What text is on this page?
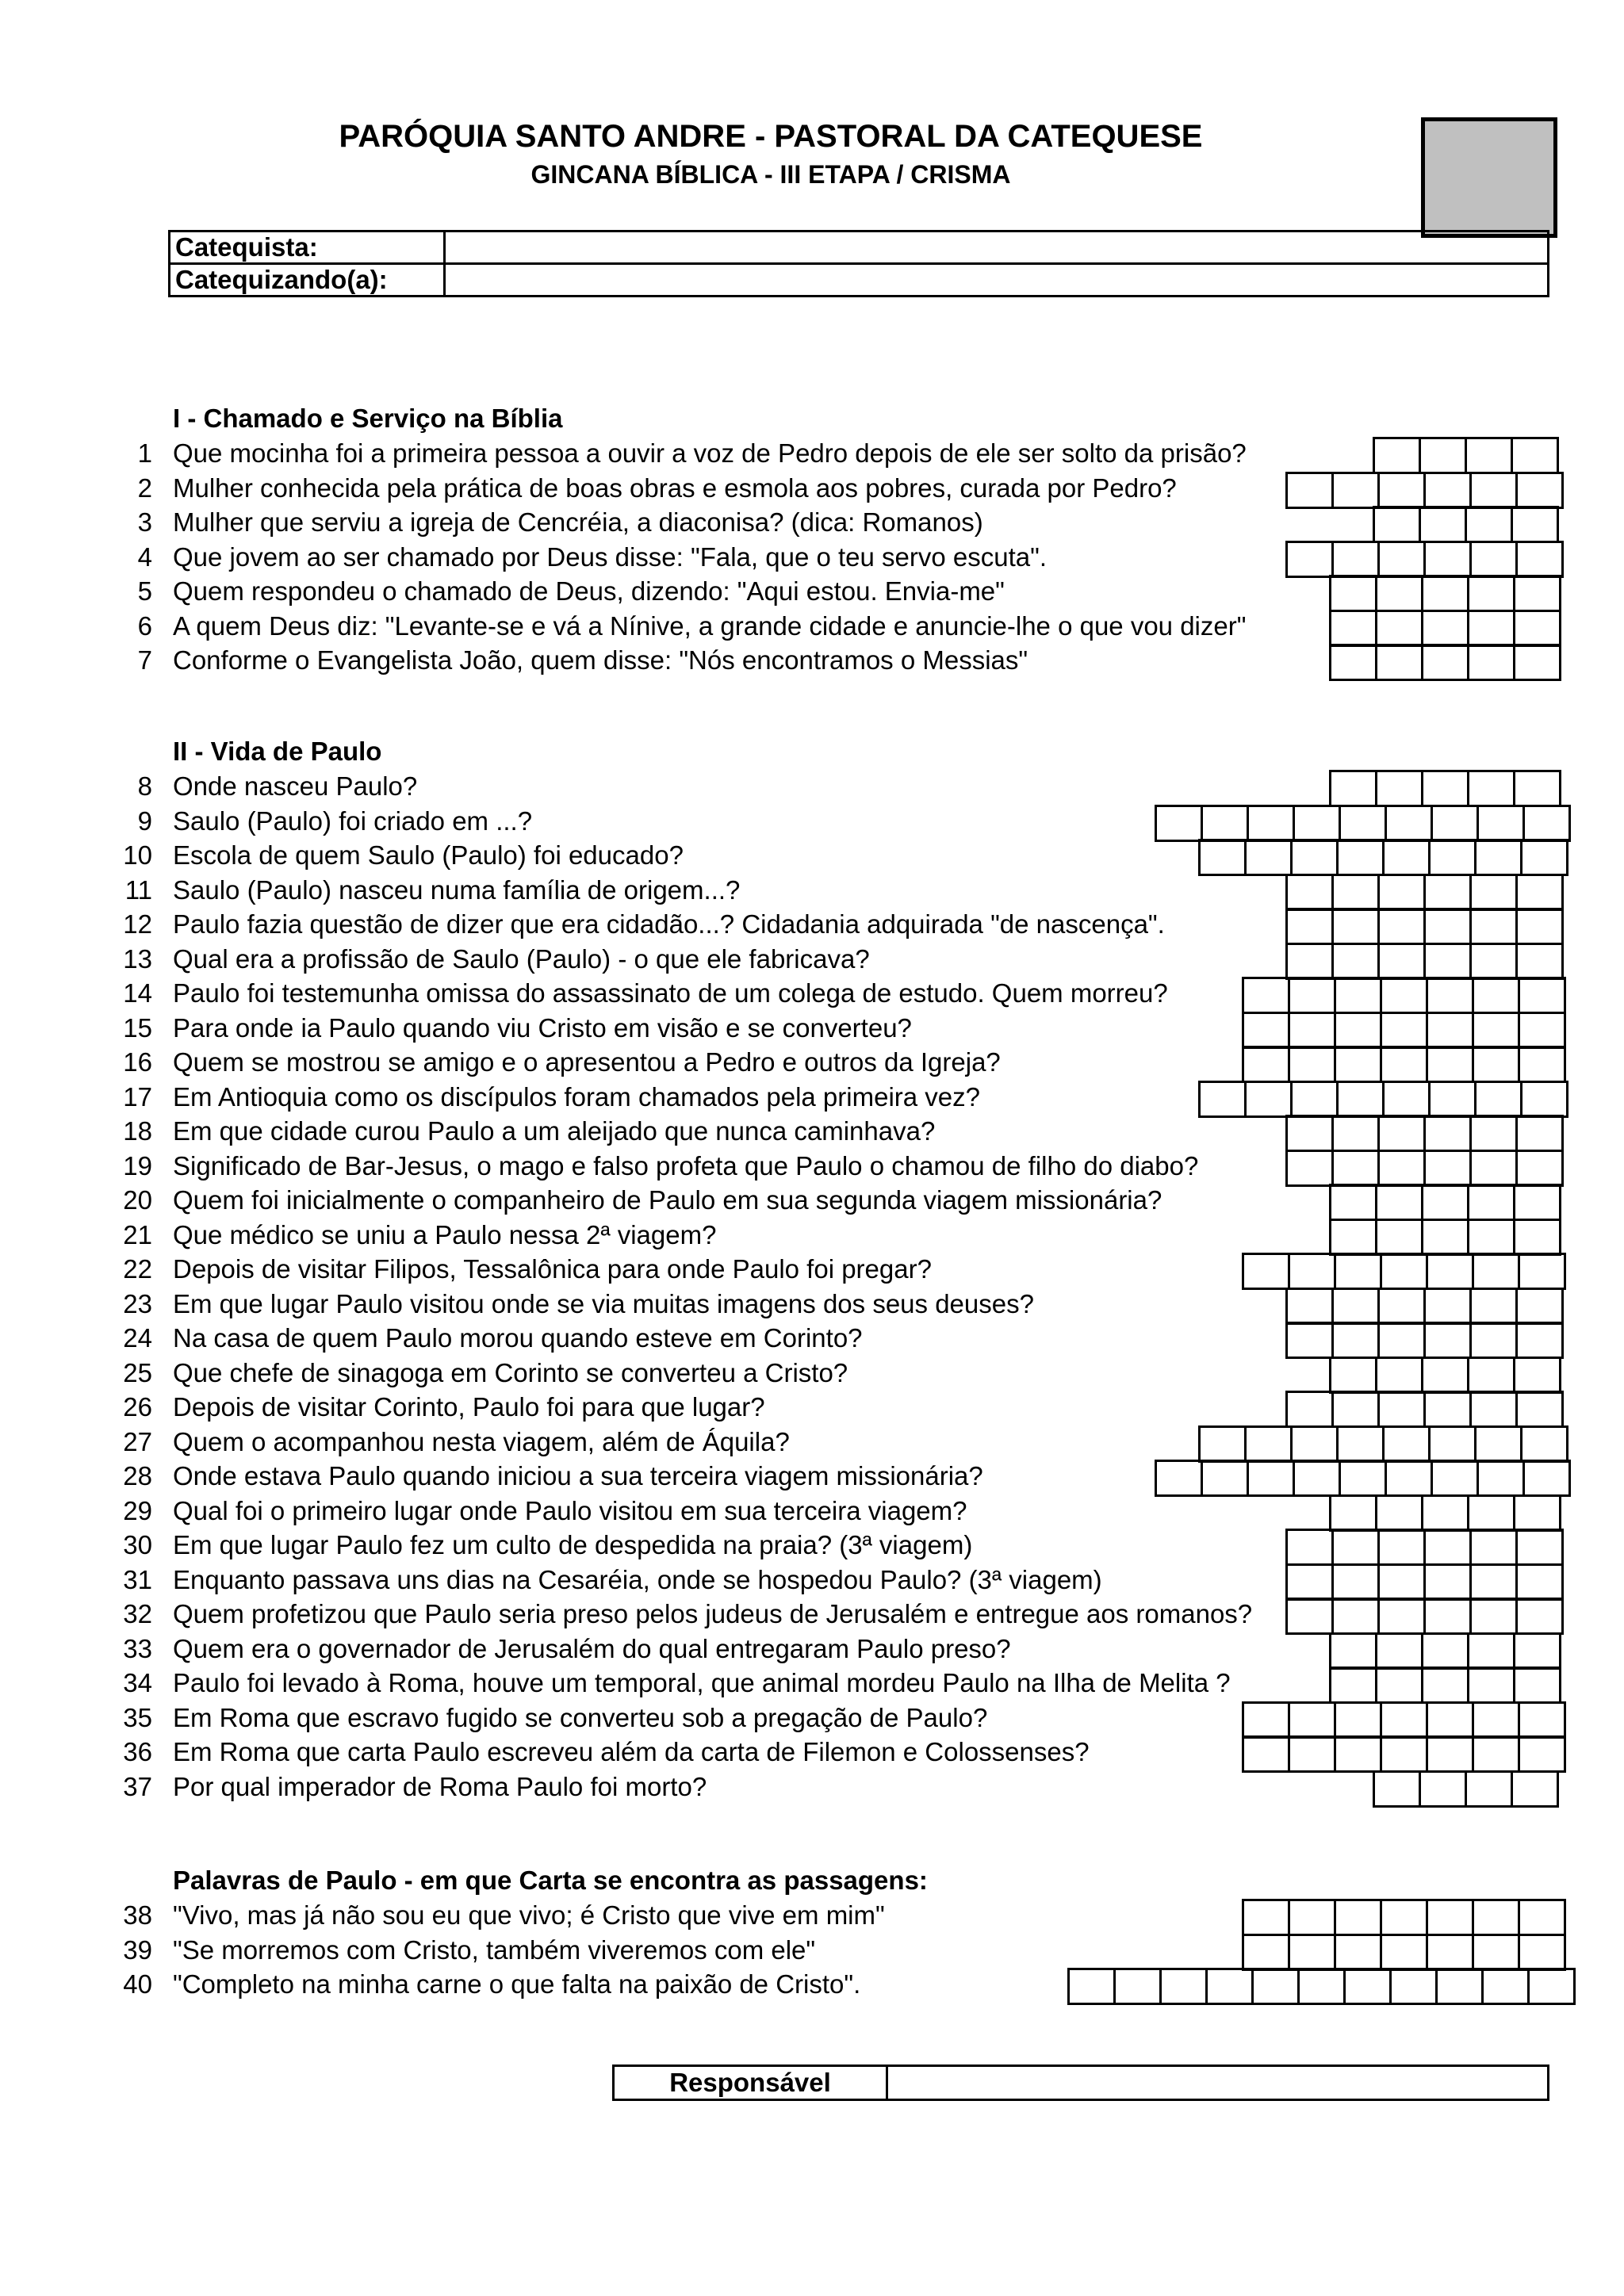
PARÓQUIA SANTO ANDRE - PASTORAL DA CATEQUESE
GINCANA BÍBLICA - III ETAPA / CRISMA
Catequista:	
Catequizando(a):	
I - Chamado e Serviço na Bíblia
II - Vida de Paulo
Palavras de Paulo - em que Carta se encontra as passagens:
1 Que mocinha foi a primeira pessoa a ouvir a voz de Pedro depois de ele ser solto da prisão?
2 Mulher conhecida pela prática de boas obras e esmola aos pobres, curada por Pedro?
3 Mulher que serviu a igreja de Cencréia, a diaconisa? (dica: Romanos)
4 Que jovem ao ser chamado por Deus disse: "Fala, que o teu servo escuta".
5 Quem respondeu o chamado de Deus, dizendo: "Aqui estou. Envia-me"
6 A quem Deus diz: "Levante-se e vá a Nínive, a grande cidade e anuncie-lhe o que vou dizer"
7 Conforme o Evangelista João, quem disse: "Nós encontramos o Messias"
8 Onde nasceu Paulo?
9 Saulo (Paulo) foi criado em ...?
10 Escola de quem Saulo (Paulo) foi educado?
11 Saulo (Paulo) nasceu numa família de origem...?
12 Paulo fazia questão de dizer que era cidadão...? Cidadania adquirada "de nascença".
13 Qual era a profissão de Saulo (Paulo) - o que ele fabricava?
14 Paulo foi testemunha omissa do assassinato de um colega de estudo. Quem morreu?
15 Para onde ia Paulo quando viu Cristo em visão e se converteu?
16 Quem se mostrou se amigo e o apresentou a Pedro e outros da Igreja?
17 Em Antioquia como os discípulos foram chamados pela primeira vez?
18 Em que cidade curou Paulo a um aleijado que nunca caminhava?
19 Significado de Bar-Jesus, o mago e falso profeta que Paulo o chamou de filho do diabo?
20 Quem foi inicialmente o companheiro de Paulo em sua segunda viagem missionária?
21 Que médico se uniu a Paulo nessa 2ª viagem?
22 Depois de visitar Filipos, Tessalônica para onde Paulo foi pregar?
23 Em que lugar Paulo visitou onde se via muitas imagens dos seus deuses?
24 Na casa de quem Paulo morou quando esteve em Corinto?
25 Que chefe de sinagoga em Corinto se converteu a Cristo?
26 Depois de visitar Corinto, Paulo foi para que lugar?
27 Quem o acompanhou nesta viagem, além de Áquila?
28 Onde estava Paulo quando iniciou a sua terceira viagem missionária?
29 Qual foi o primeiro lugar onde Paulo visitou em sua terceira viagem?
30 Em que lugar Paulo fez um culto de despedida na praia? (3ª viagem)
31 Enquanto passava uns dias na Cesaréia, onde se hospedou Paulo? (3ª viagem)
32 Quem profetizou que Paulo seria preso pelos judeus de Jerusalém e entregue aos romanos?
33 Quem era o governador de Jerusalém do qual entregaram Paulo preso?
34 Paulo foi levado à Roma, houve um temporal, que animal mordeu Paulo na Ilha de Melita ?
35 Em Roma que escravo fugido se converteu sob a pregação de Paulo?
36 Em Roma que carta Paulo escreveu além da carta de Filemon e Colossenses?
37 Por qual imperador de Roma Paulo foi morto?
38 "Vivo, mas já não sou eu que vivo; é Cristo que vive em mim"
39 "Se morremos com Cristo, também viveremos com ele"
40 "Completo na minha carne o que falta na paixão de Cristo".
Responsável	
